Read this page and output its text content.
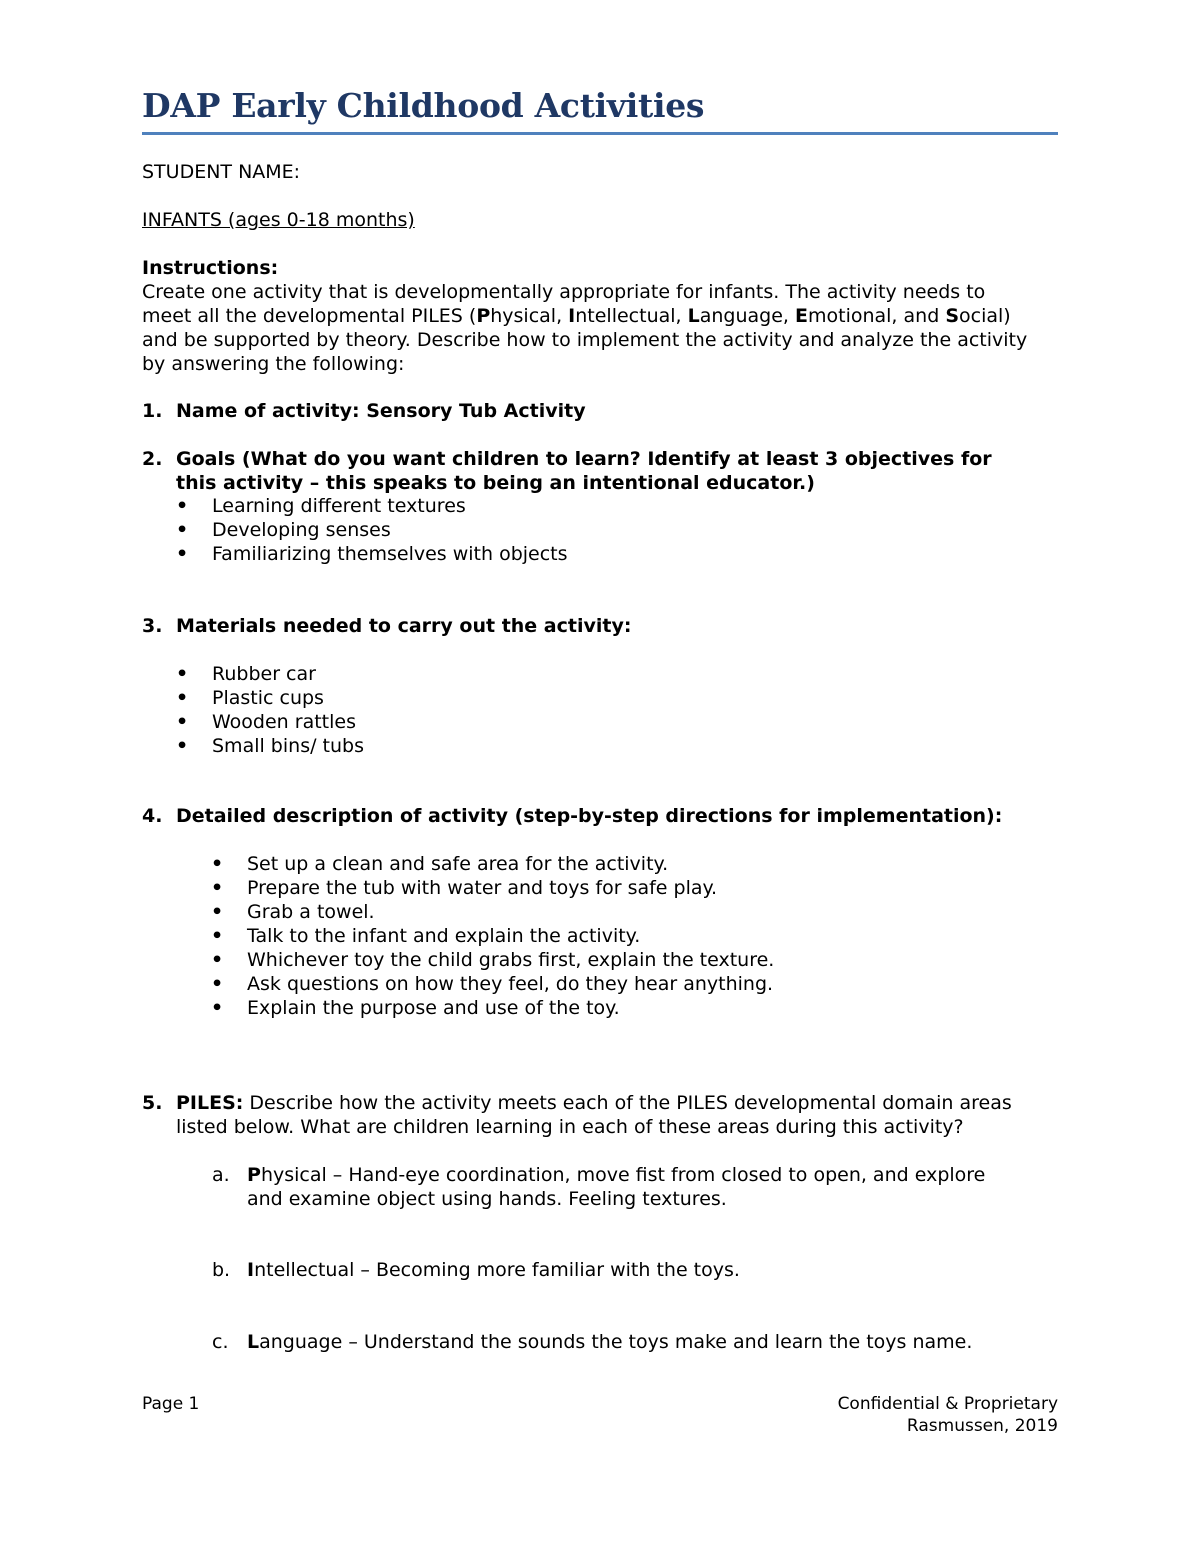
DAP Early Childhood Activities
STUDENT NAME:
INFANTS (ages 0-18 months)
Instructions:
Create one activity that is developmentally appropriate for infants. The activity needs to
meet all the developmental PILES (Physical, Intellectual, Language, Emotional, and Social)
and be supported by theory. Describe how to implement the activity and analyze the activity
by answering the following:
1. Name of activity: Sensory Tub Activity
2. Goals (What do you want children to learn? Identify at least 3 objectives for
this activity – this speaks to being an intentional educator.)
• Learning different textures
• Developing senses
• Familiarizing themselves with objects
3. Materials needed to carry out the activity:
• Rubber car
• Plastic cups
• Wooden rattles
• Small bins/ tubs
4. Detailed description of activity (step-by-step directions for implementation):
• Set up a clean and safe area for the activity.
• Prepare the tub with water and toys for safe play.
• Grab a towel.
• Talk to the infant and explain the activity.
• Whichever toy the child grabs first, explain the texture.
• Ask questions on how they feel, do they hear anything.
• Explain the purpose and use of the toy.
5. PILES: Describe how the activity meets each of the PILES developmental domain areas
listed below. What are children learning in each of these areas during this activity?
a. Physical – Hand-eye coordination, move fist from closed to open, and explore
and examine object using hands. Feeling textures.
b. Intellectual – Becoming more familiar with the toys.
c. Language – Understand the sounds the toys make and learn the toys name.
Page 1	Confidential & Proprietary
Rasmussen, 2019
